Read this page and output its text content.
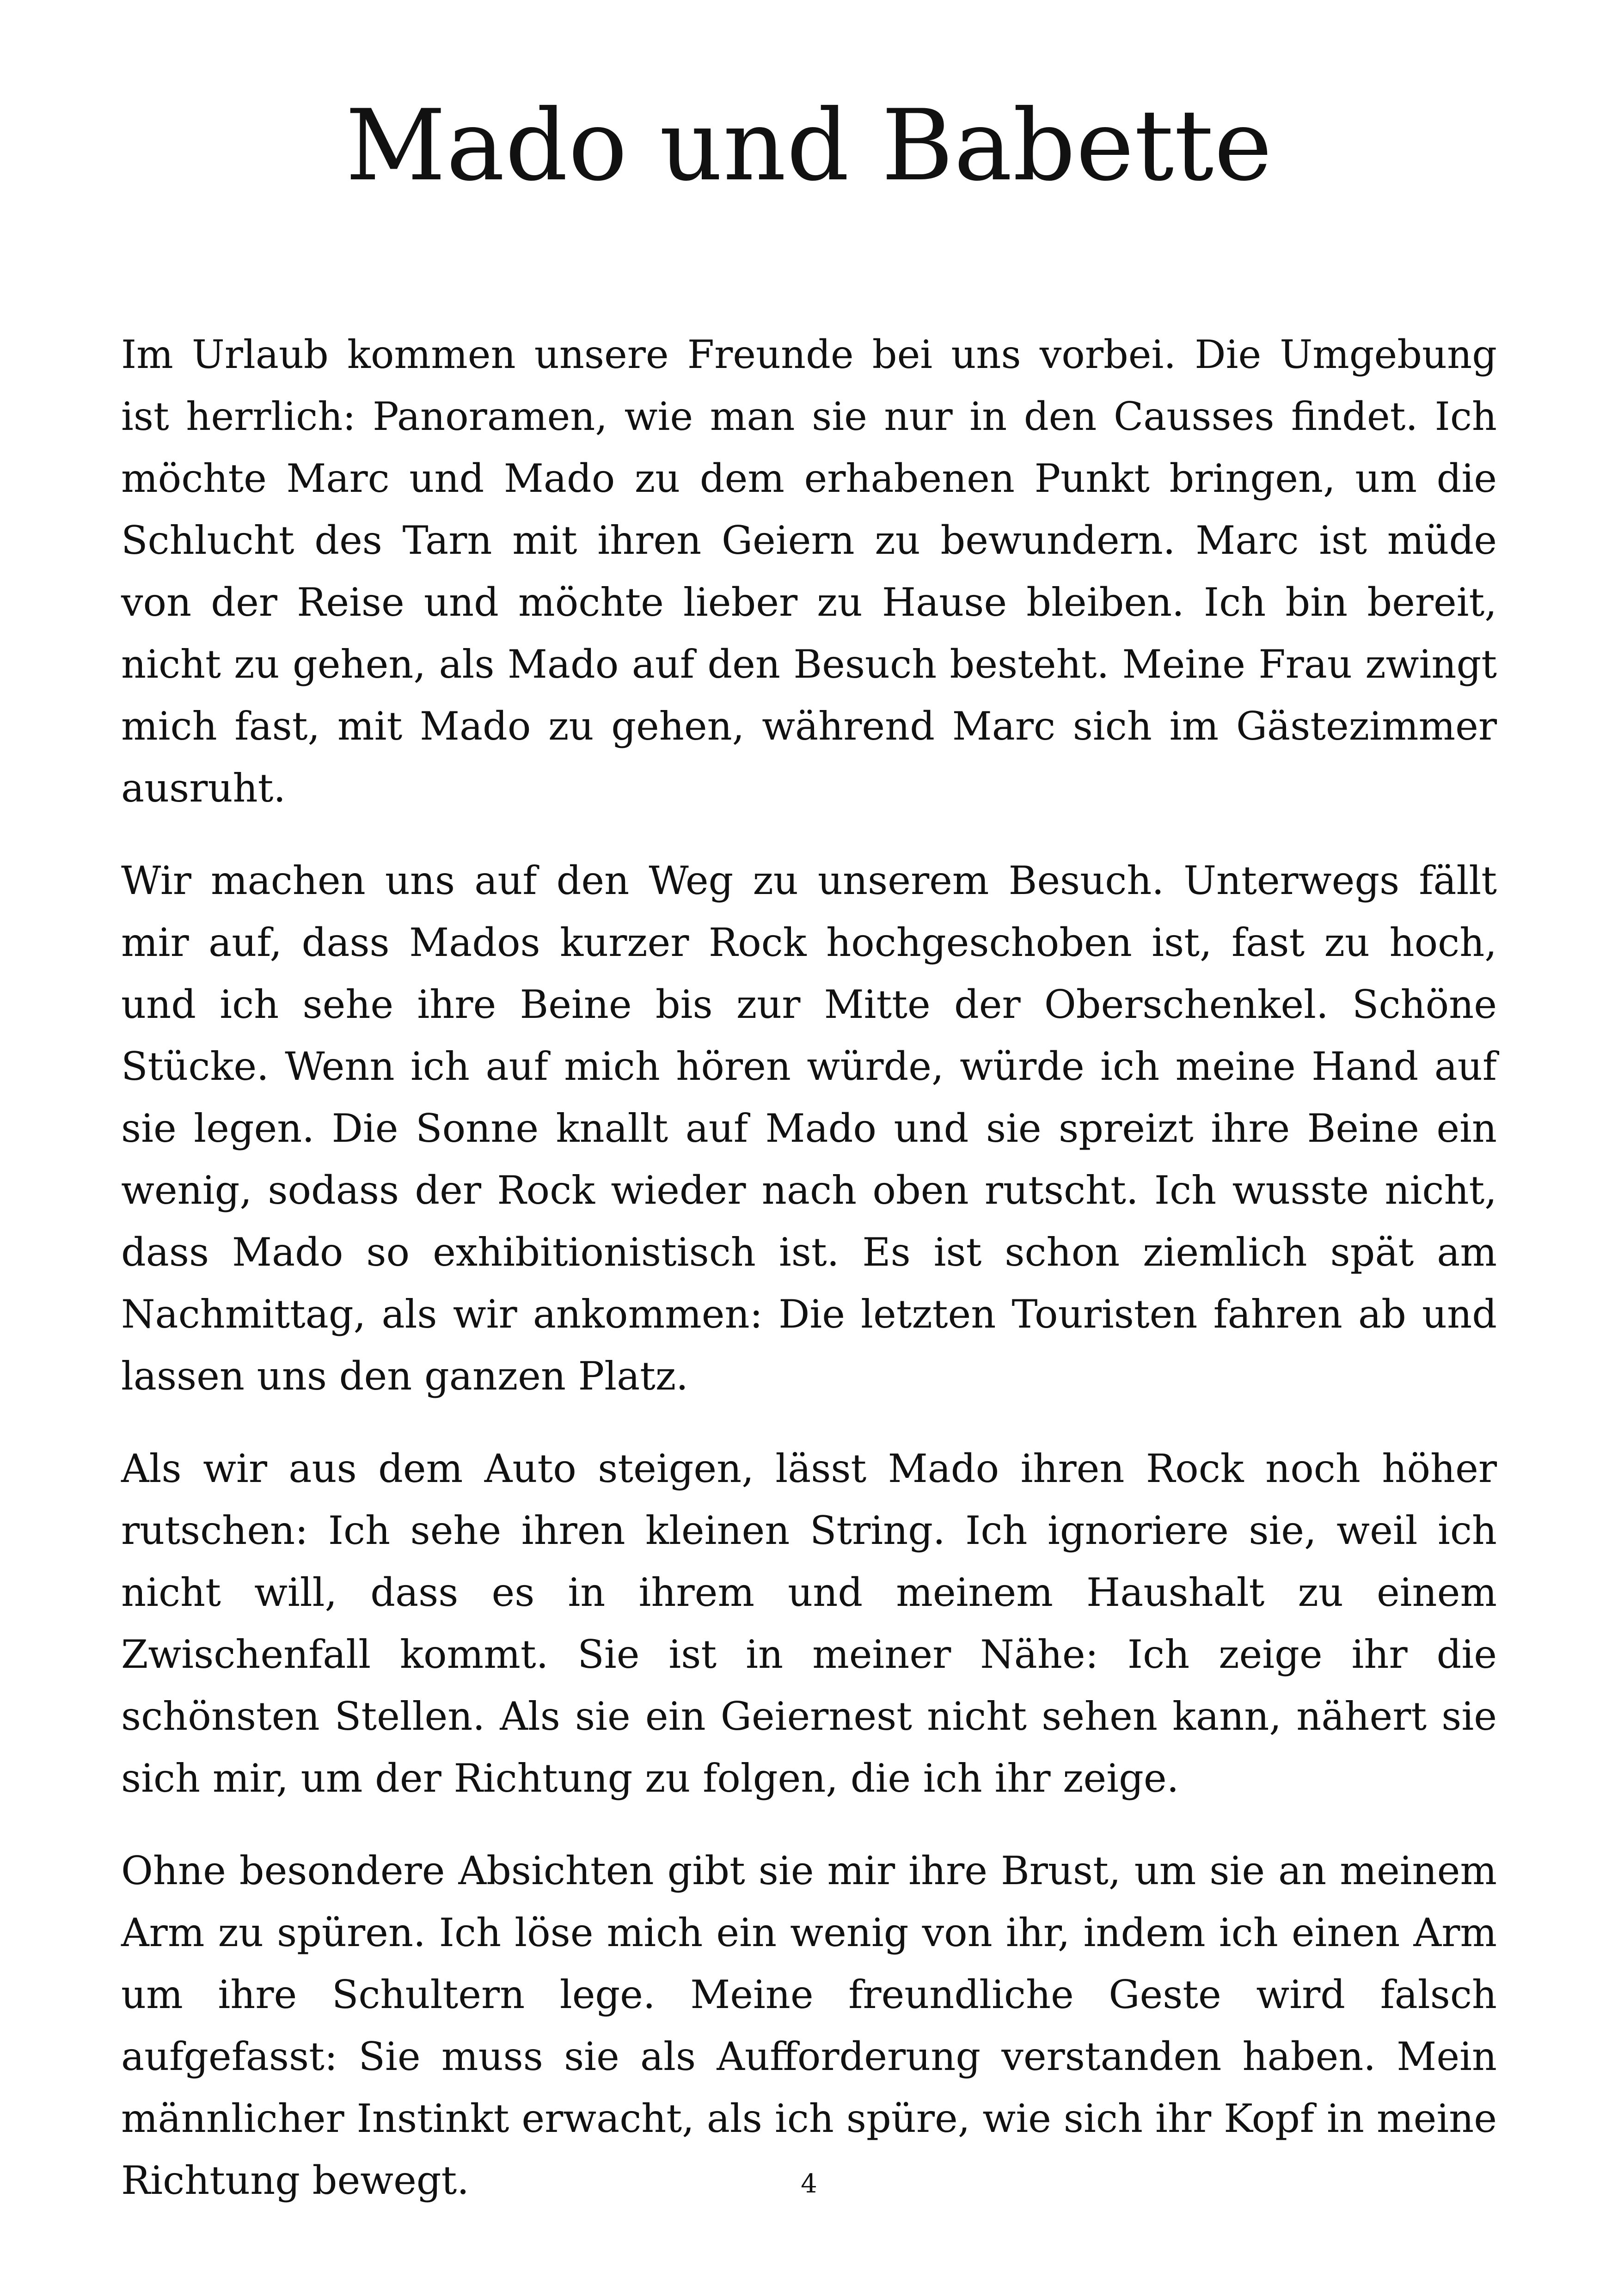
Mado und Babette

Im Urlaub kommen unsere Freunde bei uns vorbei. Die Umgebung ist herrlich: Panoramen, wie man sie nur in den Causses findet. Ich möchte Marc und Mado zu dem erhabenen Punkt bringen, um die Schlucht des Tarn mit ihren Geiern zu bewundern. Marc ist müde von der Reise und möchte lieber zu Hause bleiben. Ich bin bereit, nicht zu gehen, als Mado auf den Besuch besteht. Meine Frau zwingt mich fast, mit Mado zu gehen, während Marc sich im Gästezimmer ausruht.

Wir machen uns auf den Weg zu unserem Besuch. Unterwegs fällt mir auf, dass Mados kurzer Rock hochgeschoben ist, fast zu hoch, und ich sehe ihre Beine bis zur Mitte der Oberschenkel. Schöne Stücke. Wenn ich auf mich hören würde, würde ich meine Hand auf sie legen. Die Sonne knallt auf Mado und sie spreizt ihre Beine ein wenig, sodass der Rock wieder nach oben rutscht. Ich wusste nicht, dass Mado so exhibitionistisch ist. Es ist schon ziemlich spät am Nachmittag, als wir ankommen: Die letzten Touristen fahren ab und lassen uns den ganzen Platz.

Als wir aus dem Auto steigen, lässt Mado ihren Rock noch höher rutschen: Ich sehe ihren kleinen String. Ich ignoriere sie, weil ich nicht will, dass es in ihrem und meinem Haushalt zu einem Zwischenfall kommt. Sie ist in meiner Nähe: Ich zeige ihr die schönsten Stellen. Als sie ein Geiernest nicht sehen kann, nähert sie sich mir, um der Richtung zu folgen, die ich ihr zeige.

Ohne besondere Absichten gibt sie mir ihre Brust, um sie an meinem Arm zu spüren. Ich löse mich ein wenig von ihr, indem ich einen Arm um ihre Schultern lege. Meine freundliche Geste wird falsch aufgefasst: Sie muss sie als Aufforderung verstanden haben. Mein männlicher Instinkt erwacht, als ich spüre, wie sich ihr Kopf in meine Richtung bewegt.	4
